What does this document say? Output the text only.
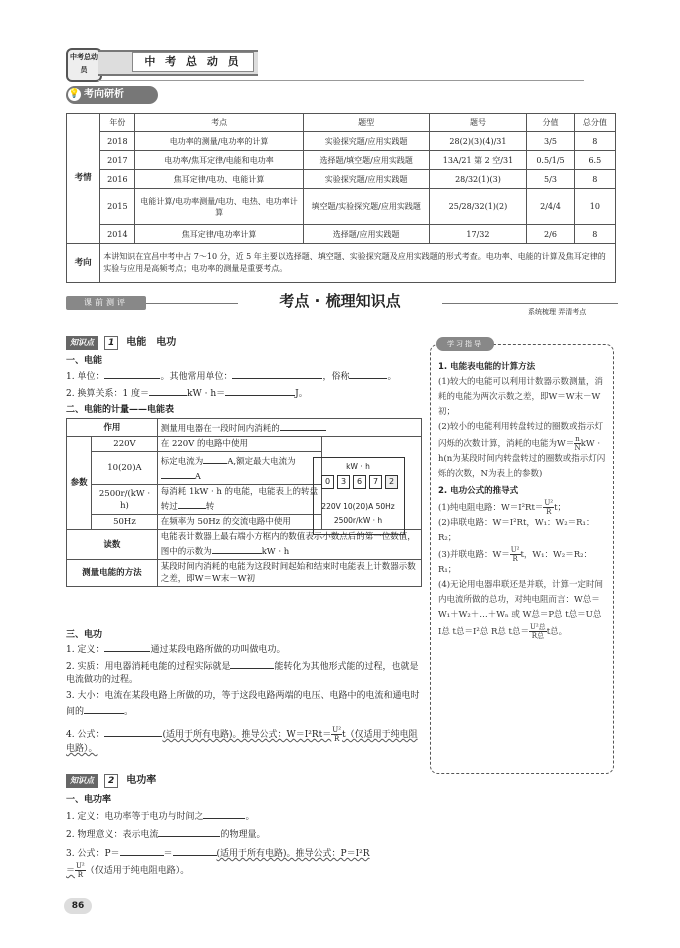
中考总动员
中 考 总 动 员
💡 考向研析
考情	年份	考点	题型	题号	分值	总分值
	2018	电功率的测量/电功率的计算	实验探究题/应用实践题	28(2)(3)(4)/31	3/5	8
	2017	电功率/焦耳定律/电能和电功率	选择题/填空题/应用实践题	13A/21 第 2 空/31	0.5/1/5	6.5
	2016	焦耳定律/电功、电能计算	实验探究题/应用实践题	28/32(1)(3)	5/3	8
	2015	电能计算/电功率测量/电功、电热、电功率计算	填空题/实验探究题/应用实践题	25/28/32(1)(2)	2/4/4	10
	2014	焦耳定律/电功率计算	选择题/应用实践题	17/32	2/6	8
考向	本讲知识在宜昌中考中占 7～10 分，近 5 年主要以选择题、填空题、实验探究题及应用实践题的形式考查。电功率、电能的计算及焦耳定律的实验与应用是高频考点；电功率的测量是重要考点。					
课前测评	考点 · 梳理知识点
系统梳理 弄清考点
知识点 1 电能　电功
一、电能
1. 单位：	。其他常用单位：	，俗称	。
2. 换算关系：1 度＝	kW · h＝	J。
二、电能的计量——电能表
作用		测量用电器在一段时间内消耗的	
参数	220V	在 220V 的电路中使用	
	10(20)A	标定电流为 A,额定最大电流为A	
	2500r/(kW · h)	每消耗 1kW · h 的电能，电能表上的转盘转过 转	
	50Hz	在频率为 50Hz 的交流电路中使用	
读数		电能表计数器上最右端小方框内的数值表示小数点后的第一位数值，图中的示数为 kW · h	
测量电能的方法		某段时间内消耗的电能为这段时间起始和结束时电能表上计数器示数之差，即W＝W末－W初	
kW · h
0	3	6	7	2
220V 10(20)A 50Hz
2500r/kW · h
三、电功
1. 定义：	通过某段电路所做的功叫做电功。
2. 实质：用电器消耗电能的过程实际就是	能转化为其他形式能的过程，也就是电流做功的过程。
3. 大小：电流在某段电路上所做的功，等于这段电路两端的电压、电路中的电流和通电时间的	。
4. 公式：	(适用于所有电路)。推导公式：$W=I^2Rt= \frac{\text{U²}}{R} t$（仅适用于纯电阻电路）。
知识点 2 电功率
一、电功率
1. 定义：电功率等于电功与时间之	。
2. 物理意义：表示电流	的物理量。
3. 公式：P＝	＝	(适用于所有电路)。推导公式：P＝I²R
＝ $\frac{\text{U²}}{R}$ （仅适用于纯电阻电路）。
学习指导
1. 电能表电能的计算方法
(1)较大的电能可以利用计数器示数测量，消耗的电能为两次示数之差，即W＝W末－W初；
(2)较小的电能利用转盘转过的圈数或指示灯闪烁的次数计算，消耗的电能为$W= \frac{n}{N}$ kW · h(n为某段时间内转盘转过的圈数或指示灯闪烁的次数，N为表上的参数)
2. 电功公式的推导式
(1)纯电阻电路：$W=I^2Rt= \frac{\text{U²}}{R}$ t；
(2)串联电路：W＝I²Rt，W₁：W₂＝R₁：R₂；
(3)并联电路：$W= \frac{\text{U²}}{R}$ t，W₁：W₂＝R₂：R₁；
(4)无论用电器串联还是并联，计算一定时间内电流所做的总功，对纯电阻而言：W总＝W₁＋W₂＋…＋Wₙ 或 W总＝P总 t总＝U总 I总 t总＝I²总 R总 t总＝ $\frac{\text{U²总}}{\text{R总}}$ t总。
86
